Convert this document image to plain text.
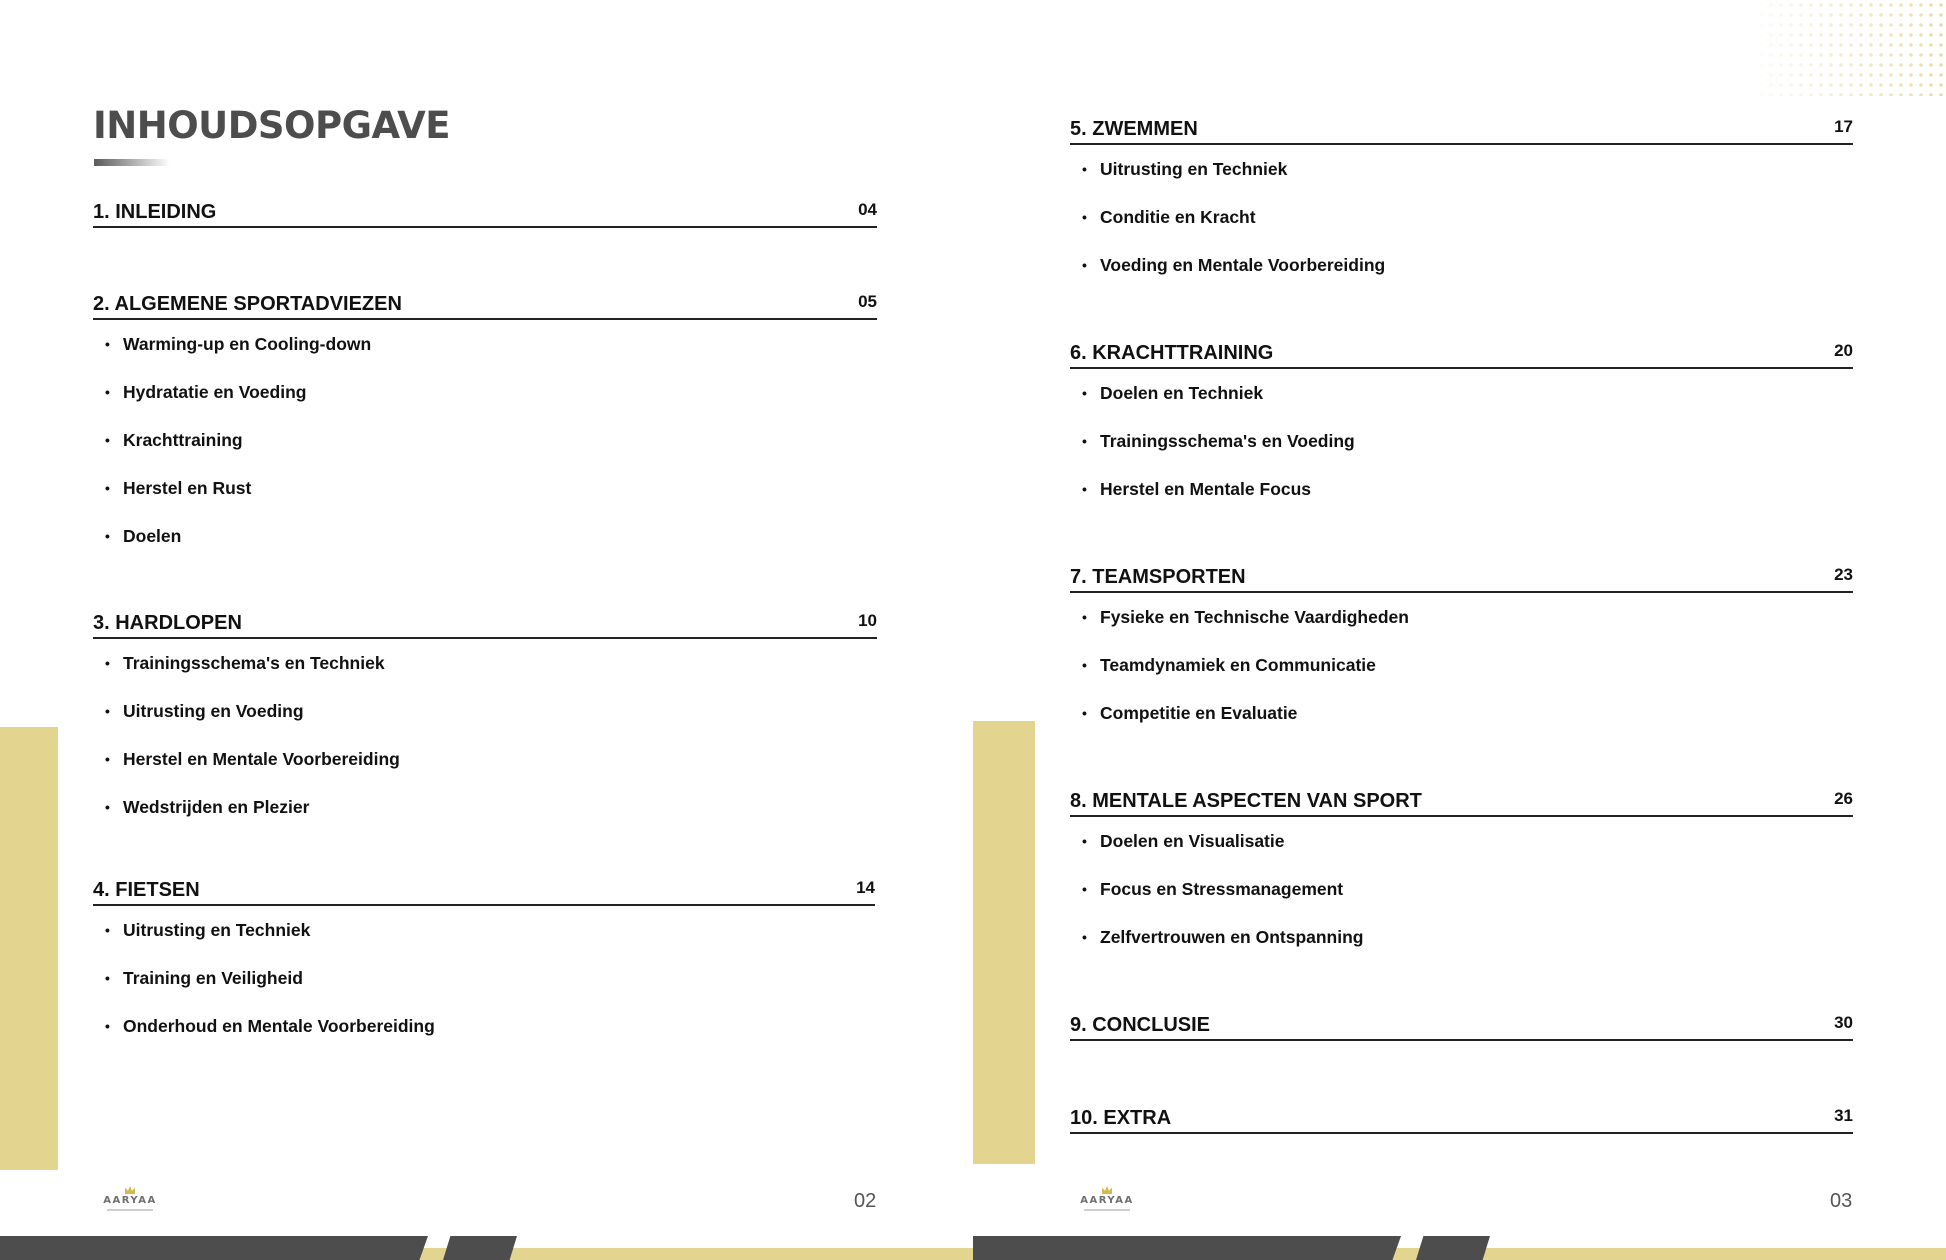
INHOUDSOPGAVE
1. INLEIDING	04
2. ALGEMENE SPORTADVIEZEN	05
• Warming-up en Cooling-down
• Hydratatie en Voeding
• Krachttraining
• Herstel en Rust
• Doelen
3. HARDLOPEN	10
• Trainingsschema's en Techniek
• Uitrusting en Voeding
• Herstel en Mentale Voorbereiding
• Wedstrijden en Plezier
4. FIETSEN	14
• Uitrusting en Techniek
• Training en Veiligheid
• Onderhoud en Mentale Voorbereiding
AARYAA	02
5. ZWEMMEN	17
• Uitrusting en Techniek
• Conditie en Kracht
• Voeding en Mentale Voorbereiding
6. KRACHTTRAINING	20
• Doelen en Techniek
• Trainingsschema's en Voeding
• Herstel en Mentale Focus
7. TEAMSPORTEN	23
• Fysieke en Technische Vaardigheden
• Teamdynamiek en Communicatie
• Competitie en Evaluatie
8. MENTALE ASPECTEN VAN SPORT	26
• Doelen en Visualisatie
• Focus en Stressmanagement
• Zelfvertrouwen en Ontspanning
9. CONCLUSIE	30
10. EXTRA	31
AARYAA	03
